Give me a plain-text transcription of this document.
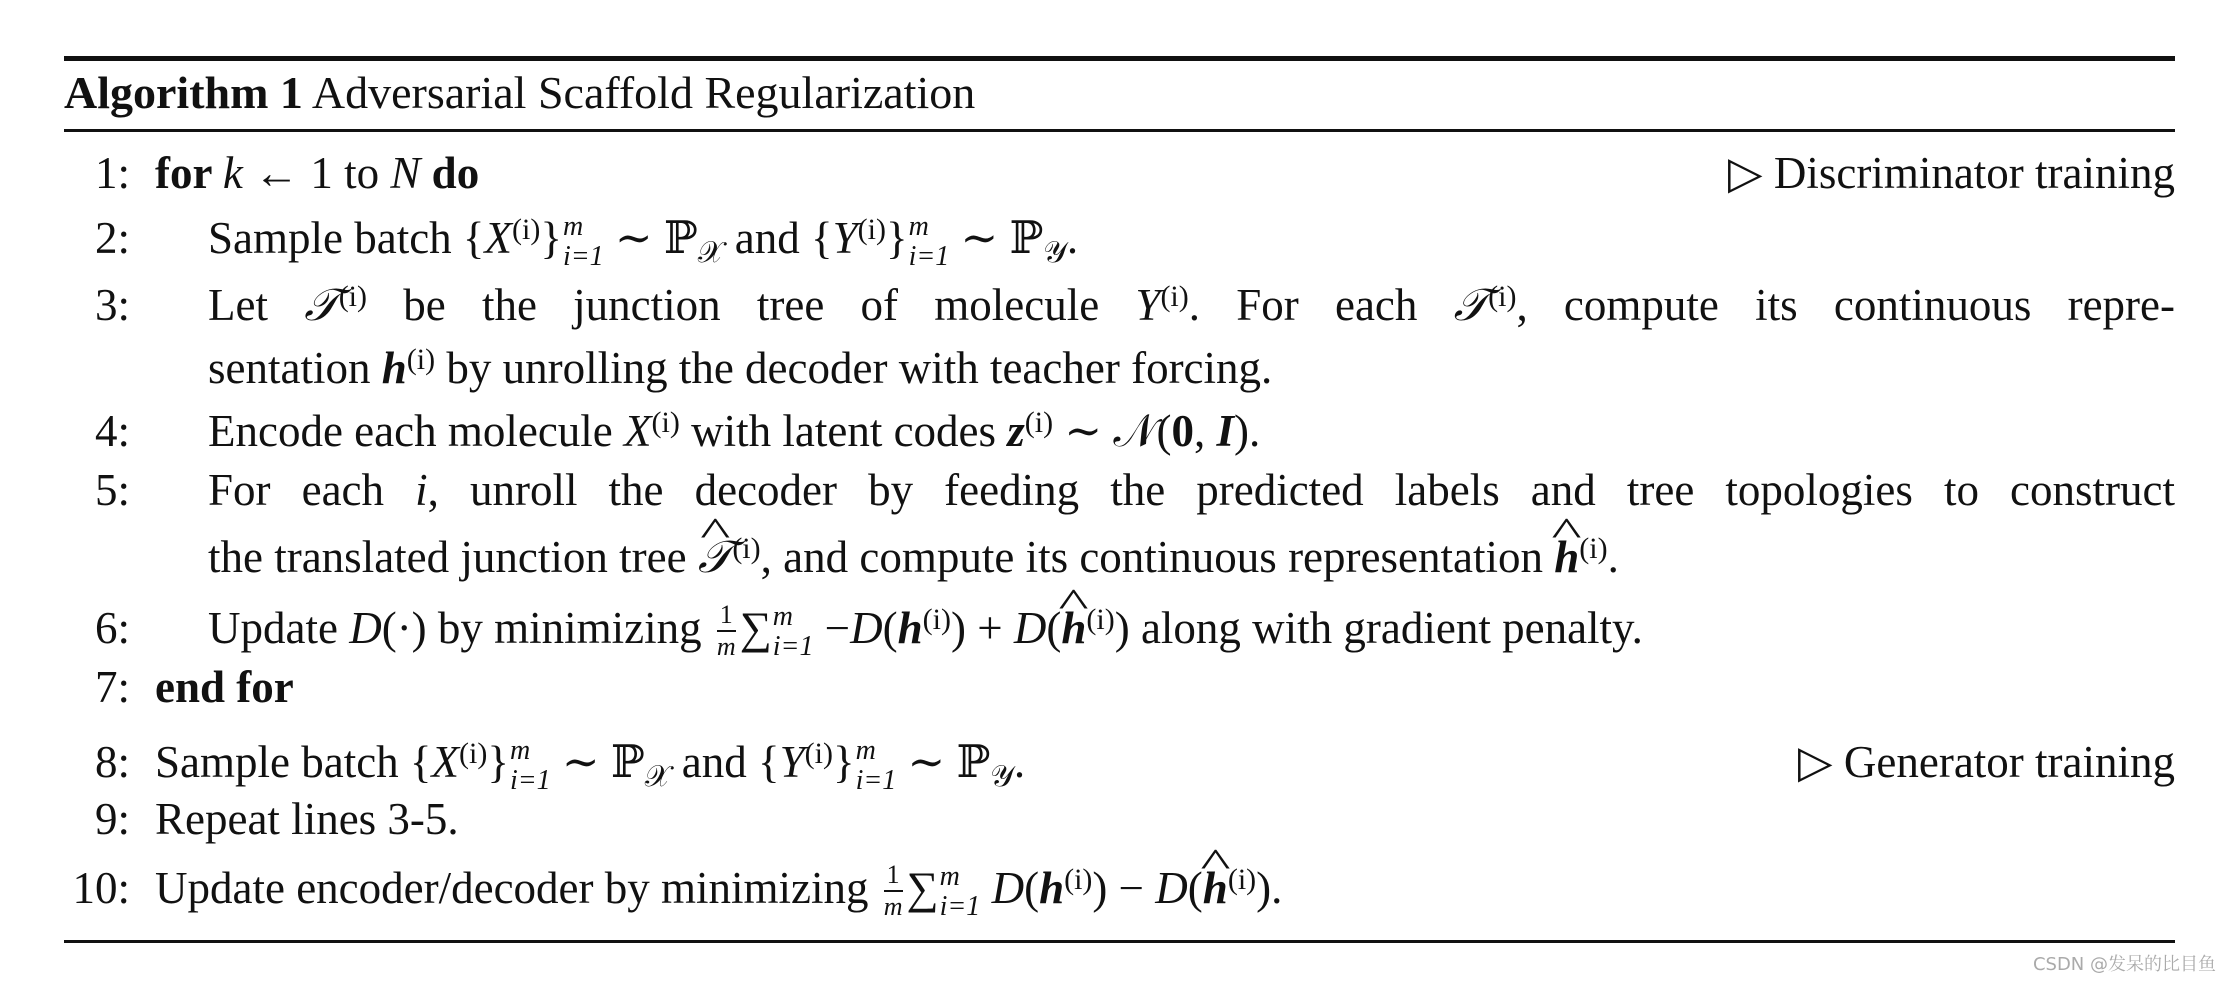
Algorithm 1 Adversarial Scaffold Regularization
1: for k ← 1 to N do	▷ Discriminator training
2: Sample batch $\{X^{(i)}\}$ m
i=1 ∼ ℙ$_𝒳$ and $\{Y^{(i)}\}$ m
i=1 ∼ ℙ$_𝒴$.
3: Let 𝒯$^{(i)}$ be the junction tree of molecule $Y^{(i)}$. For each 𝒯$^{(i)}$, compute its continuous repre-
sentation $h^{(i)}$ by unrolling the decoder with teacher forcing.
4: Encode each molecule $X^{(i)}$ with latent codes $z^{(i)}$ ∼ 𝒩(0, I).
5: For each i, unroll the decoder by feeding the predicted labels and tree topologies to construct
the translated junction tree ^ 𝒯$^{(i)}$, and compute its continuous representation ^ $h^{(i)}$.
6: Update D(·) by minimizing $\frac{1}{m}$ ∑ m
$i=1 -D(h^{(i)})$ + D(^ $h^{(i)}$) along with gradient penalty.
7: end for
8: Sample batch $\{X^{(i)}\}$ m
i=1 ∼ ℙ$_𝒳$ and $\{Y^{(i)}\}$ m
i=1 ∼ ℙ$_𝒴$.	▷ Generator training
9: Repeat lines 3-5.
10: Update encoder/decoder by minimizing $\frac{1}{m}$ ∑ m
i=1 $D(h^{(i)})$ − D(^ $h^{(i)}$).
CSDN @发呆的比目鱼
